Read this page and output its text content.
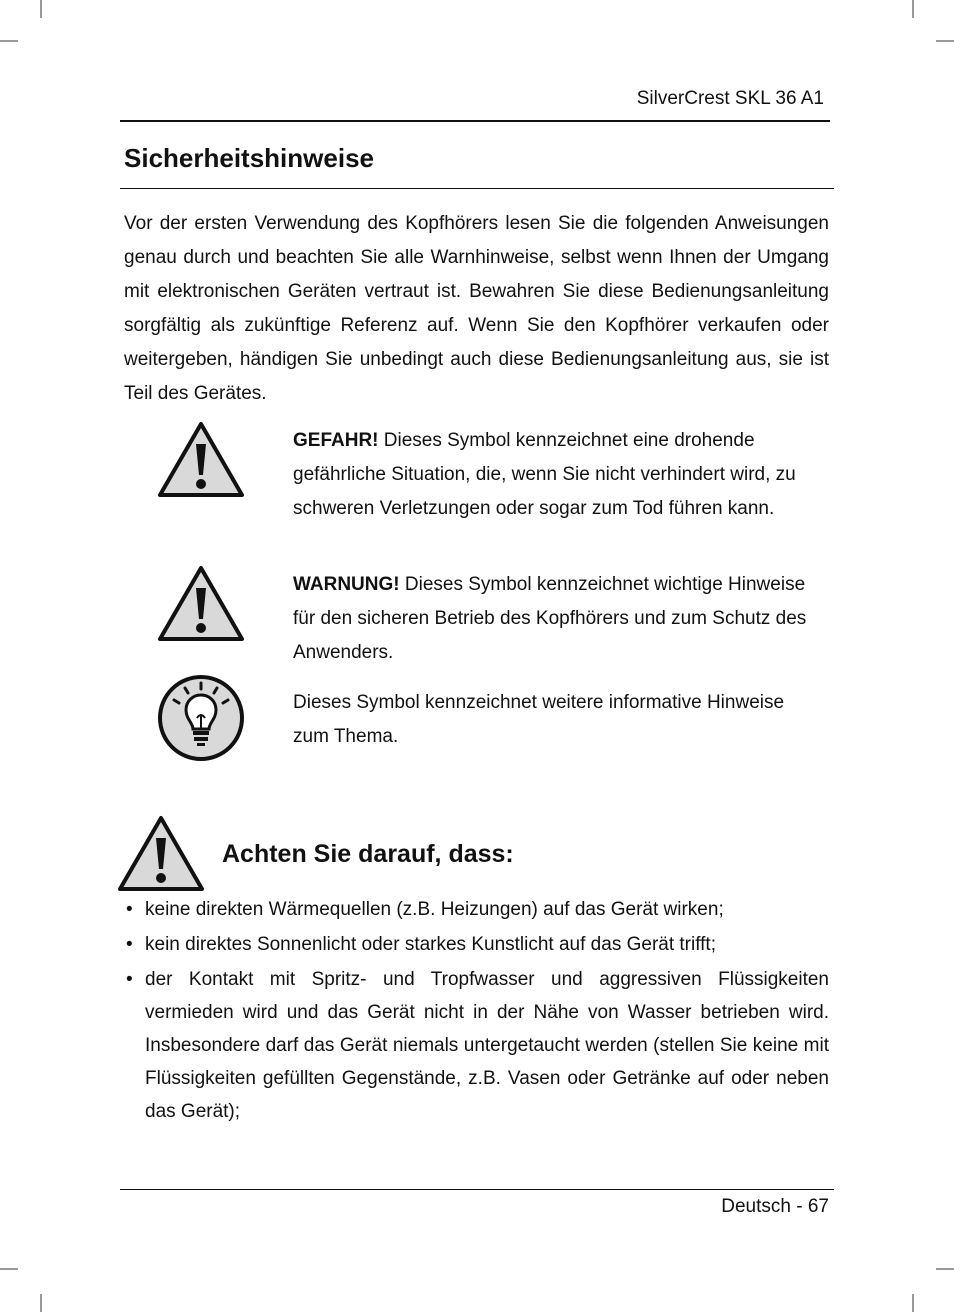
SilverCrest SKL 36 A1
Sicherheitshinweise

Vor der ersten Verwendung des Kopfhörers lesen Sie die folgenden Anweisungen genau durch und beachten Sie alle Warnhinweise, selbst wenn Ihnen der Umgang mit elektronischen Geräten vertraut ist. Bewahren Sie diese Bedienungsanleitung sorgfältig als zukünftige Referenz auf. Wenn Sie den Kopfhörer verkaufen oder weitergeben, händigen Sie unbedingt auch diese Bedienungsanleitung aus, sie ist Teil des Gerätes.

GEFAHR! Dieses Symbol kennzeichnet eine drohende gefährliche Situation, die, wenn Sie nicht verhindert wird, zu schweren Verletzungen oder sogar zum Tod führen kann.

WARNUNG! Dieses Symbol kennzeichnet wichtige Hinweise für den sicheren Betrieb des Kopfhörers und zum Schutz des Anwenders.

Dieses Symbol kennzeichnet weitere informative Hinweise zum Thema.

Achten Sie darauf, dass:
• keine direkten Wärmequellen (z.B. Heizungen) auf das Gerät wirken;
• kein direktes Sonnenlicht oder starkes Kunstlicht auf das Gerät trifft;
• der Kontakt mit Spritz- und Tropfwasser und aggressiven Flüssigkeiten vermieden wird und das Gerät nicht in der Nähe von Wasser betrieben wird. Insbesondere darf das Gerät niemals untergetaucht werden (stellen Sie keine mit Flüssigkeiten gefüllten Gegenstände, z.B. Vasen oder Getränke auf oder neben das Gerät);
Deutsch - 67
